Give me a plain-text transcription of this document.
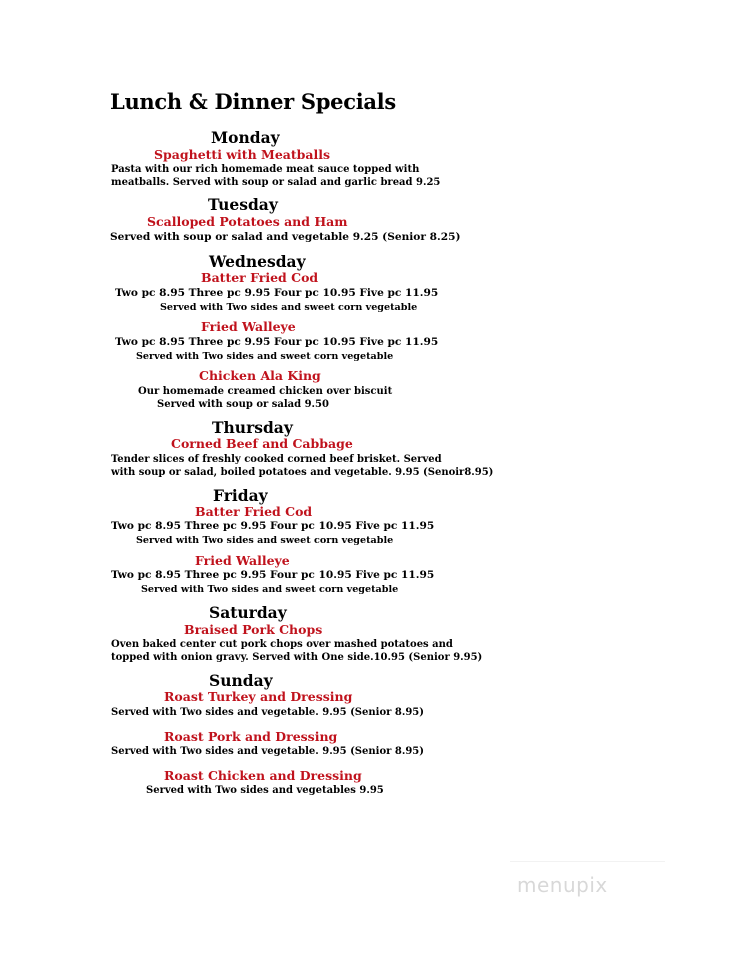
Lunch & Dinner Specials
Monday
Spaghetti with Meatballs
Pasta with our rich homemade meat sauce topped with
meatballs. Served with soup or salad and garlic bread 9.25
Tuesday
Scalloped Potatoes and Ham
Served with soup or salad and vegetable 9.25 (Senior 8.25)
Wednesday
Batter Fried Cod
Two pc 8.95 Three pc 9.95 Four pc 10.95 Five pc 11.95
Served with Two sides and sweet corn vegetable
Fried Walleye
Two pc 8.95 Three pc 9.95 Four pc 10.95 Five pc 11.95
Served with Two sides and sweet corn vegetable
Chicken Ala King
Our homemade creamed chicken over biscuit
Served with soup or salad 9.50
Thursday
Corned Beef and Cabbage
Tender slices of freshly cooked corned beef brisket. Served
with soup or salad, boiled potatoes and vegetable. 9.95 (Senoir8.95)
Friday
Batter Fried Cod
Two pc 8.95 Three pc 9.95 Four pc 10.95 Five pc 11.95
Served with Two sides and sweet corn vegetable
Fried Walleye
Two pc 8.95 Three pc 9.95 Four pc 10.95 Five pc 11.95
Served with Two sides and sweet corn vegetable
Saturday
Braised Pork Chops
Oven baked center cut pork chops over mashed potatoes and
topped with onion gravy. Served with One side.10.95 (Senior 9.95)
Sunday
Roast Turkey and Dressing
Served with Two sides and vegetable. 9.95 (Senior 8.95)
Roast Pork and Dressing
Served with Two sides and vegetable. 9.95 (Senior 8.95)
Roast Chicken and Dressing
Served with Two sides and vegetables 9.95
menupix
